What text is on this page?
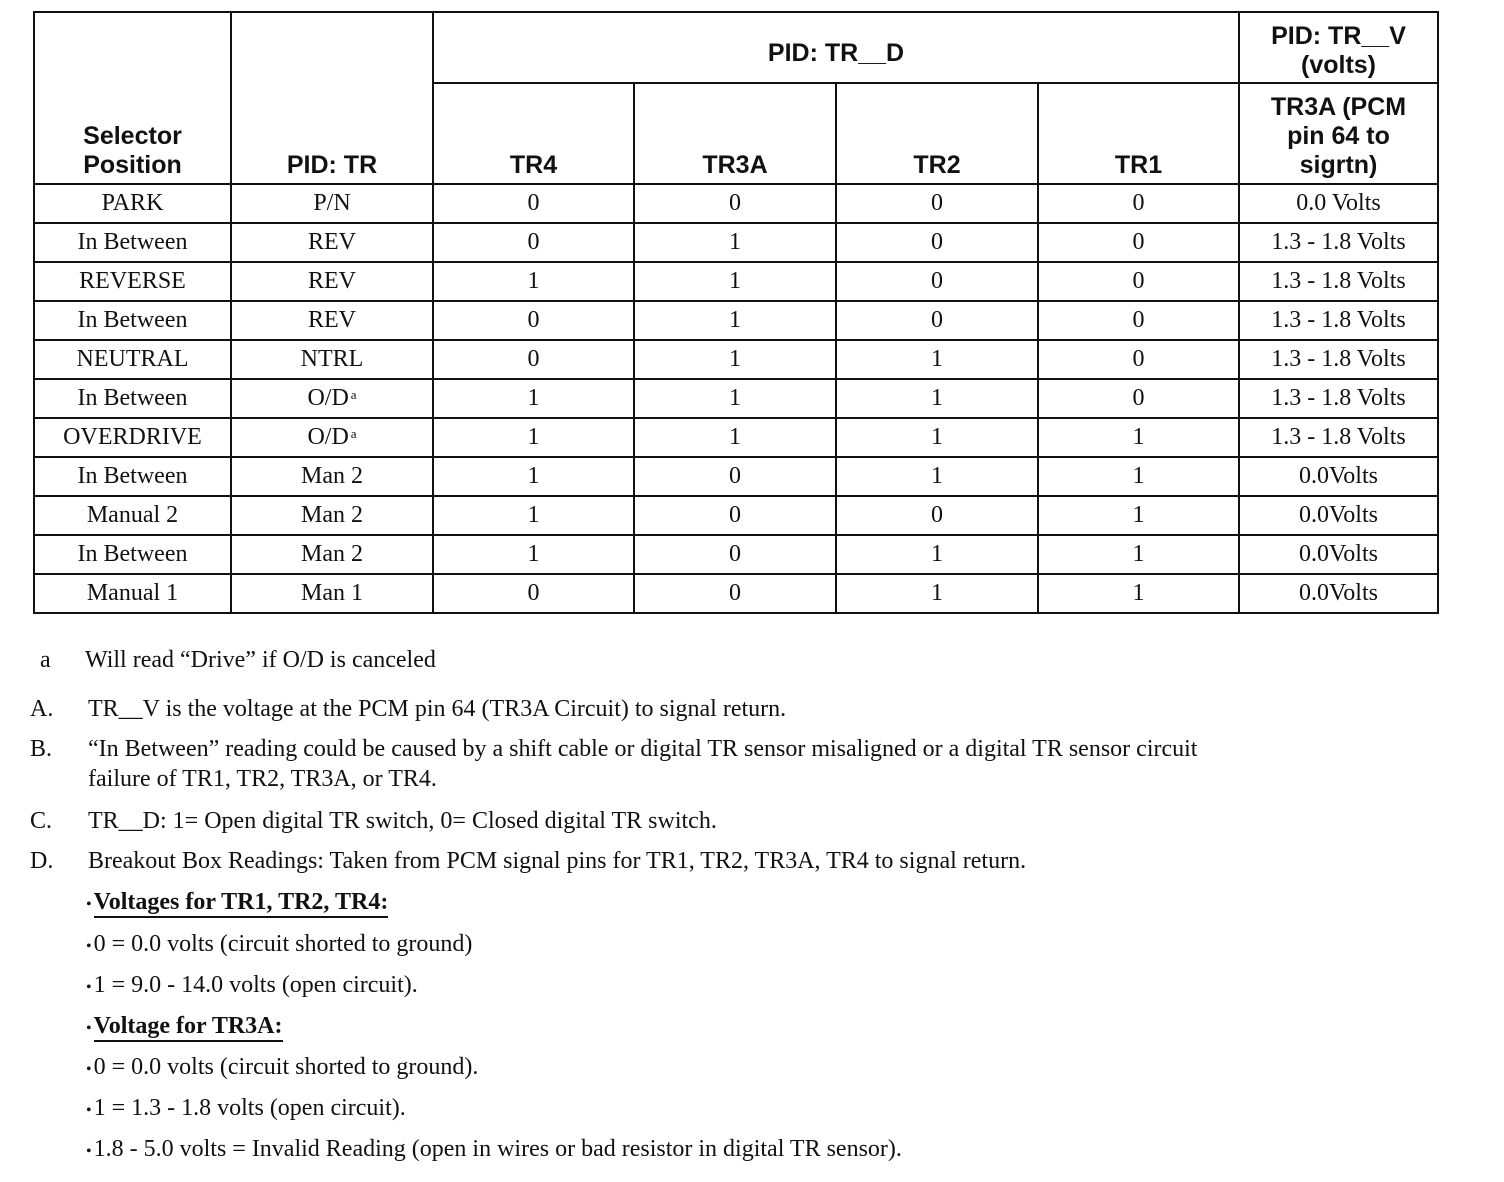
Selector Position	PID: TR	PID: TR__D				PID: TR__V (volts)
		TR4	TR3A	TR2	TR1	TR3A (PCM pin 64 to sigrtn)
PARK	P/N	0	0	0	0	0.0 Volts
In Between	REV	0	1	0	0	1.3 - 1.8 Volts
REVERSE	REV	1	1	0	0	1.3 - 1.8 Volts
In Between	REV	0	1	0	0	1.3 - 1.8 Volts
NEUTRAL	NTRL	0	1	1	0	1.3 - 1.8 Volts
In Between	O/D $^a$	1	1	1	0	1.3 - 1.8 Volts
OVERDRIVE	O/D $^a$	1	1	1	1	1.3 - 1.8 Volts
In Between	Man 2	1	0	1	1	0.0Volts
Manual 2	Man 2	1	0	0	1	0.0Volts
In Between	Man 2	1	0	1	1	0.0Volts
Manual 1	Man 1	0	0	1	1	0.0Volts
a Will read “Drive” if O/D is canceled
A. TR__V is the voltage at the PCM pin 64 (TR3A Circuit) to signal return.
B. “In Between” reading could be caused by a shift cable or digital TR sensor misaligned or a digital TR sensor circuit
failure of TR1, TR2, TR3A, or TR4.
C. TR__D: 1= Open digital TR switch, 0= Closed digital TR switch.
D. Breakout Box Readings: Taken from PCM signal pins for TR1, TR2, TR3A, TR4 to signal return.
•Voltages for TR1, TR2, TR4:
•0 = 0.0 volts (circuit shorted to ground)
•1 = 9.0 - 14.0 volts (open circuit).
•Voltage for TR3A:
•0 = 0.0 volts (circuit shorted to ground).
•1 = 1.3 - 1.8 volts (open circuit).
•1.8 - 5.0 volts = Invalid Reading (open in wires or bad resistor in digital TR sensor).
